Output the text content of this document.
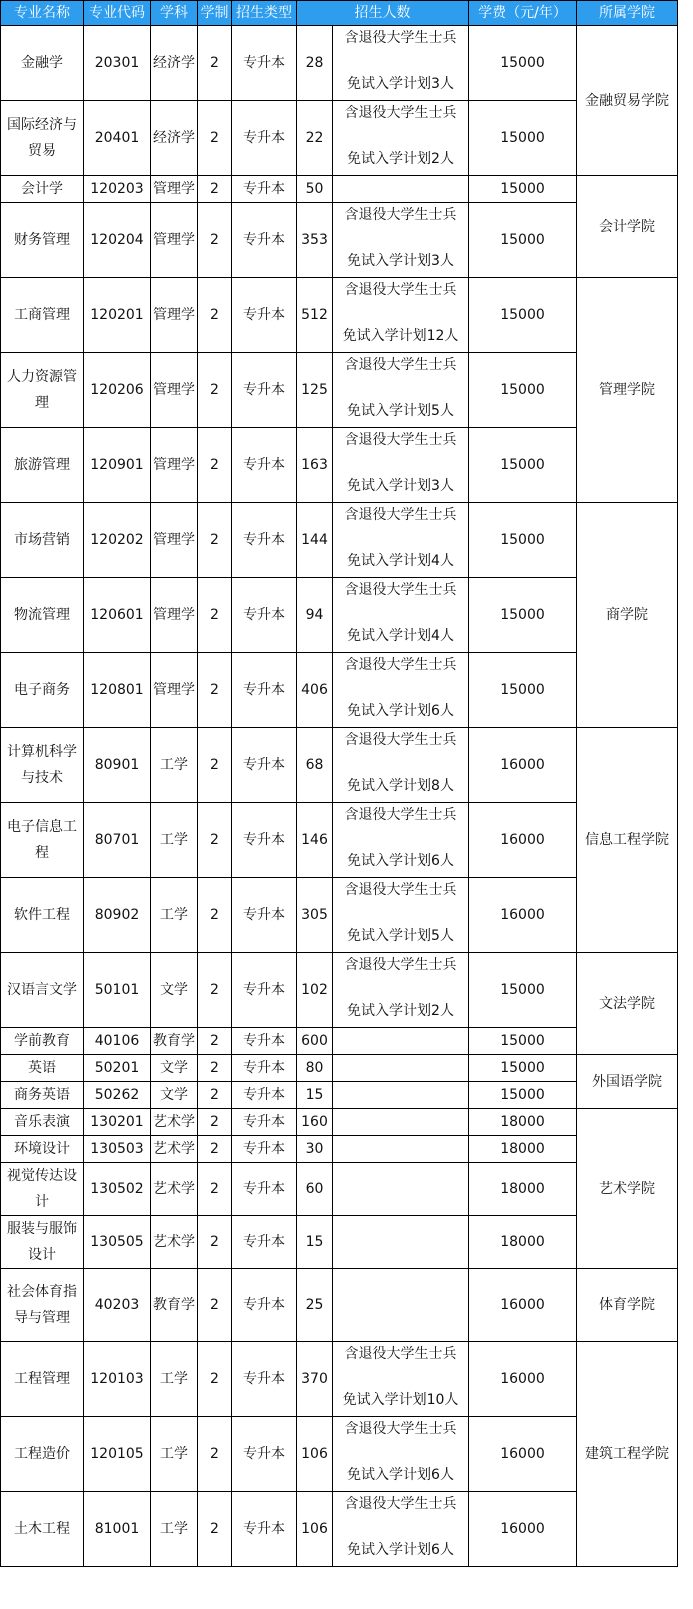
专业名称	专业代码	学科	学制	招生类型	招生人数		学费（元/年）	所属学院
金融学	20301	经济学	2	专升本	28	含退役大学生士兵
免试入学计划3人	15000	金融贸易学院
国际经济与贸易	20401	经济学	2	专升本	22	含退役大学生士兵
免试入学计划2人	15000	
会计学	120203	管理学	2	专升本	50		15000	会计学院
财务管理	120204	管理学	2	专升本	353	含退役大学生士兵
免试入学计划3人	15000	
工商管理	120201	管理学	2	专升本	512	含退役大学生士兵
免试入学计划12人	15000	管理学院
人力资源管理	120206	管理学	2	专升本	125	含退役大学生士兵
免试入学计划5人	15000	
旅游管理	120901	管理学	2	专升本	163	含退役大学生士兵
免试入学计划3人	15000	
市场营销	120202	管理学	2	专升本	144	含退役大学生士兵
免试入学计划4人	15000	商学院
物流管理	120601	管理学	2	专升本	94	含退役大学生士兵
免试入学计划4人	15000	
电子商务	120801	管理学	2	专升本	406	含退役大学生士兵
免试入学计划6人	15000	
计算机科学与技术	80901	工学	2	专升本	68	含退役大学生士兵
免试入学计划8人	16000	信息工程学院
电子信息工程	80701	工学	2	专升本	146	含退役大学生士兵
免试入学计划6人	16000	
软件工程	80902	工学	2	专升本	305	含退役大学生士兵
免试入学计划5人	16000	
汉语言文学	50101	文学	2	专升本	102	含退役大学生士兵
免试入学计划2人	15000	文法学院
学前教育	40106	教育学	2	专升本	600		15000	
英语	50201	文学	2	专升本	80		15000	外国语学院
商务英语	50262	文学	2	专升本	15		15000	
音乐表演	130201	艺术学	2	专升本	160		18000	艺术学院
环境设计	130503	艺术学	2	专升本	30		18000	
视觉传达设计	130502	艺术学	2	专升本	60		18000	
服装与服饰设计	130505	艺术学	2	专升本	15		18000	
社会体育指导与管理	40203	教育学	2	专升本	25		16000	体育学院
工程管理	120103	工学	2	专升本	370	含退役大学生士兵
免试入学计划10人	16000	建筑工程学院
工程造价	120105	工学	2	专升本	106	含退役大学生士兵
免试入学计划6人	16000	
土木工程	81001	工学	2	专升本	106	含退役大学生士兵
免试入学计划6人	16000	
